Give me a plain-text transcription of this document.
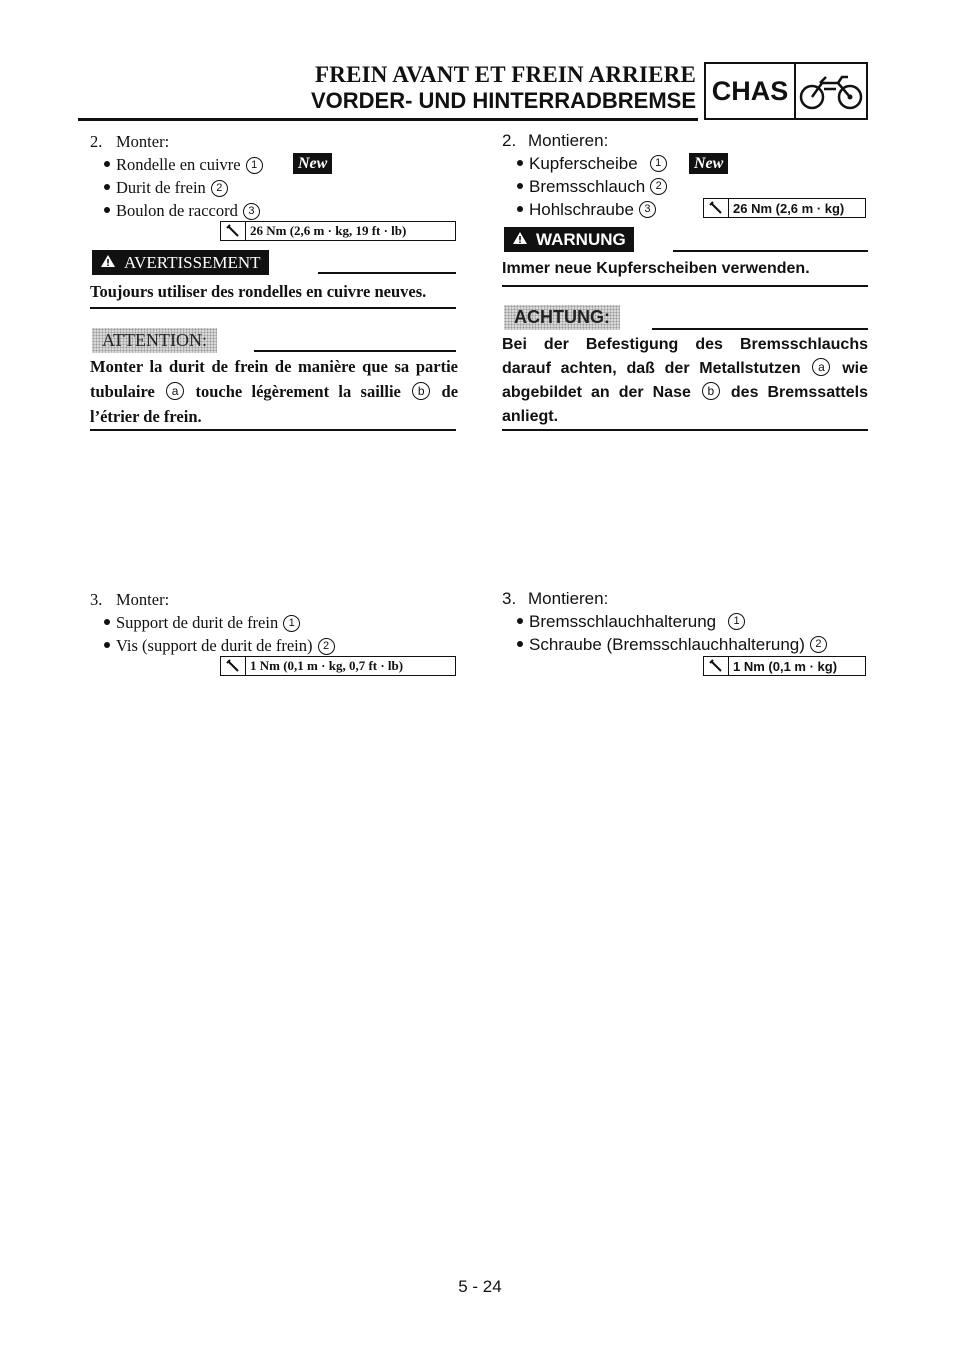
FREIN AVANT ET FREIN ARRIERE
VORDER- UND HINTERRADBREMSE CHAS
2. Monter:
Rondelle en cuivre 1	New
Durit de frein 2
Boulon de raccord 3
26 Nm (2,6 m · kg, 19 ft · lb)
AVERTISSEMENT
Toujours utiliser des rondelles en cuivre neuves.
ATTENTION:
Monter la durit de frein de manière que sa partie tubulaire a touche légèrement la saillie b de l’étrier de frein.
3. Monter:
Support de durit de frein 1
Vis (support de durit de frein) 2
1 Nm (0,1 m · kg, 0,7 ft · lb)
2. Montieren:
Kupferscheibe 1	New
Bremsschlauch 2
Hohlschraube 3	26 Nm (2,6 m · kg)
WARNUNG
Immer neue Kupferscheiben verwenden.
ACHTUNG:
Bei der Befestigung des Bremsschlauchs darauf achten, daß der Metallstutzen a wie abgebildet an der Nase b des Bremssattels anliegt.
3. Montieren:
Bremsschlauchhalterung 1
Schraube (Bremsschlauchhalterung) 2
1 Nm (0,1 m · kg)
5 - 24
